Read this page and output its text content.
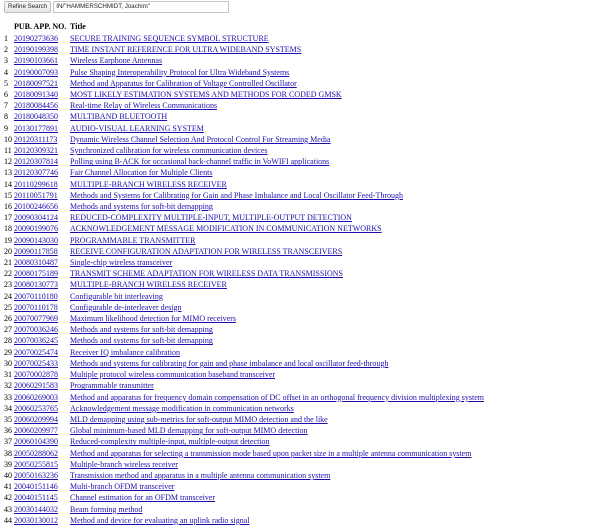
Refine Search	IN/"HAMMERSCHMIDT, Joachim"
	PUB. APP. NO.	Title
1	20190273636	SECURE TRAINING SEQUENCE SYMBOL STRUCTURE
2	20190199398	TIME INSTANT REFERENCE FOR ULTRA WIDEBAND SYSTEMS
3	20190103661	Wireless Earphone Antennas
4	20190007093	Pulse Shaping Interoperability Protocol for Ultra Wideband Systems
5	20180097521	Method and Apparatus for Calibration of Voltage Controlled Oscillator
6	20180091340	MOST LIKELY ESTIMATION SYSTEMS AND METHODS FOR CODED GMSK
7	20180084456	Real-time Relay of Wireless Communications
8	20180048350	MULTIBAND BLUETOOTH
9	20130177891	AUDIO-VISUAL LEARNING SYSTEM
10	20120311173	Dynamic Wireless Channel Selection And Protocol Control For Streaming Media
11	20120309321	Synchronized calibration for wireless communication devices
12	20120307814	Polling using B-ACK for occasional back-channel traffic in VoWIFI applications
13	20120307746	Fair Channel Allocation for Multiple Clients
14	20110299618	MULTIPLE-BRANCH WIRELESS RECEIVER
15	20110051791	Methods and Systems for Calibrating for Gain and Phase Imbalance and Local Oscillator Feed-Through
16	20100246656	Methods and systems for soft-bit demapping
17	20090304124	REDUCED-COMPLEXITY MULTIPLE-INPUT, MULTIPLE-OUTPUT DETECTION
18	20090199076	ACKNOWLEDGEMENT MESSAGE MODIFICATION IN COMMUNICATION NETWORKS
19	20090143030	PROGRAMMABLE TRANSMITTER
20	20090117858	RECEIVE CONFIGURATION ADAPTATION FOR WIRELESS TRANSCEIVERS
21	20080310487	Single-chip wireless transceiver
22	20080175189	TRANSMIT SCHEME ADAPTATION FOR WIRELESS DATA TRANSMISSIONS
23	20080130773	MULTIPLE-BRANCH WIRELESS RECEIVER
24	20070110180	Configurable bit interleaving
25	20070110178	Configurable de-interleaver design
26	20070077969	Maximum likelihood detection for MIMO receivers
27	20070036246	Methods and systems for soft-bit demapping
28	20070036245	Methods and systems for soft-bit demapping
29	20070025474	Receiver IQ imbalance calibration
30	20070025433	Methods and systems for calibrating for gain and phase imbalance and local oscillator feed-through
31	20070002878	Multiple protocol wireless communication baseband transceiver
32	20060291583	Programmable transmitter
33	20060269003	Method and apparatus for frequency domain compensation of DC offset in an orthogonal frequency division multiplexing system
34	20060253765	Acknowledgement message modification in communication networks
35	20060209994	MLD demapping using sub-metrics for soft-output MIMO detection and the like
36	20060209977	Global minimum-based MLD demapping for soft-output MIMO detection
37	20060104390	Reduced-complexity multiple-input, multiple-output detection
38	20050288062	Method and apparatus for selecting a transmission mode based upon packet size in a multiple antenna communication system
39	20050255815	Multiple-branch wireless receiver
40	20050163236	Transmission method and apparatus in a multiple antenna communication system
41	20040151146	Multi-branch OFDM transceiver
42	20040151145	Channel estimation for an OFDM transceiver
43	20030144032	Beam forming method
44	20030130012	Method and device for evaluating an uplink radio signal
